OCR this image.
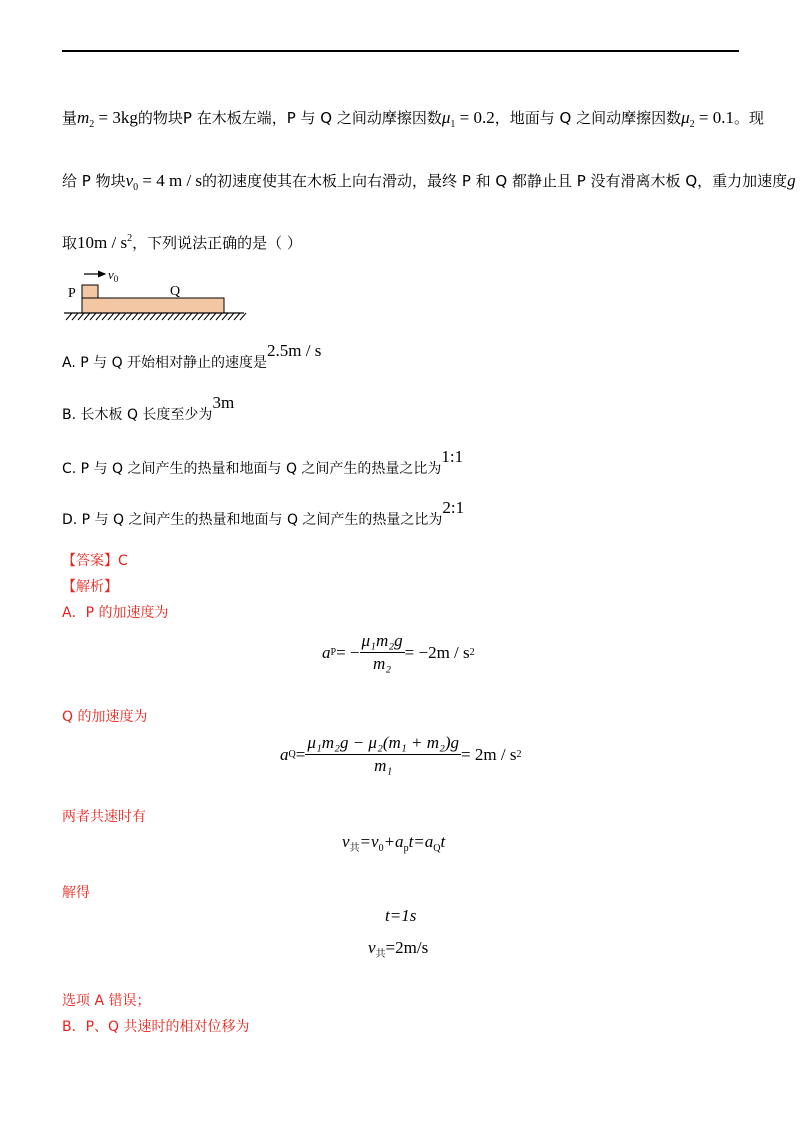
量$m_2 = 3kg$的物块P 在木板左端，P 与 Q 之间动摩擦因数$\mu_1 = 0.2$，地面与 Q 之间动摩擦因数$\mu_2 = 0.1$。现
给 P 物块$v_0 = 4$ m / s的初速度使其在木板上向右滑动，最终 P 和 Q 都静止且 P 没有滑离木板 Q，重力加速度g
取$10m / s^2$，下列说法正确的是（ ）
$v_0$
P	Q
A. P 与 Q 开始相对静止的速度是2.5m / s
B. 长木板 Q 长度至少为3m
C. P 与 Q 之间产生的热量和地面与 Q 之间产生的热量之比为1:1
D. P 与 Q 之间产生的热量和地面与 Q 之间产生的热量之比为2:1
【答案】C
【解析】
A．P 的加速度为
a P = − $\frac{\text{μ₁m₂g}}{\text{m₂}} = -2m / s$ 2
Q 的加速度为
a $Q = \frac{\text{μ₁m₂g − μ₂(m₁ + m₂)g}}{\text{m₁}} = 2m / s$ 2
两者共速时有
$v_共=v_0+a_pt=a_Qt$
解得
t=1s
$v_共=2m/s$
选项 A 错误；
B．P、Q 共速时的相对位移为
